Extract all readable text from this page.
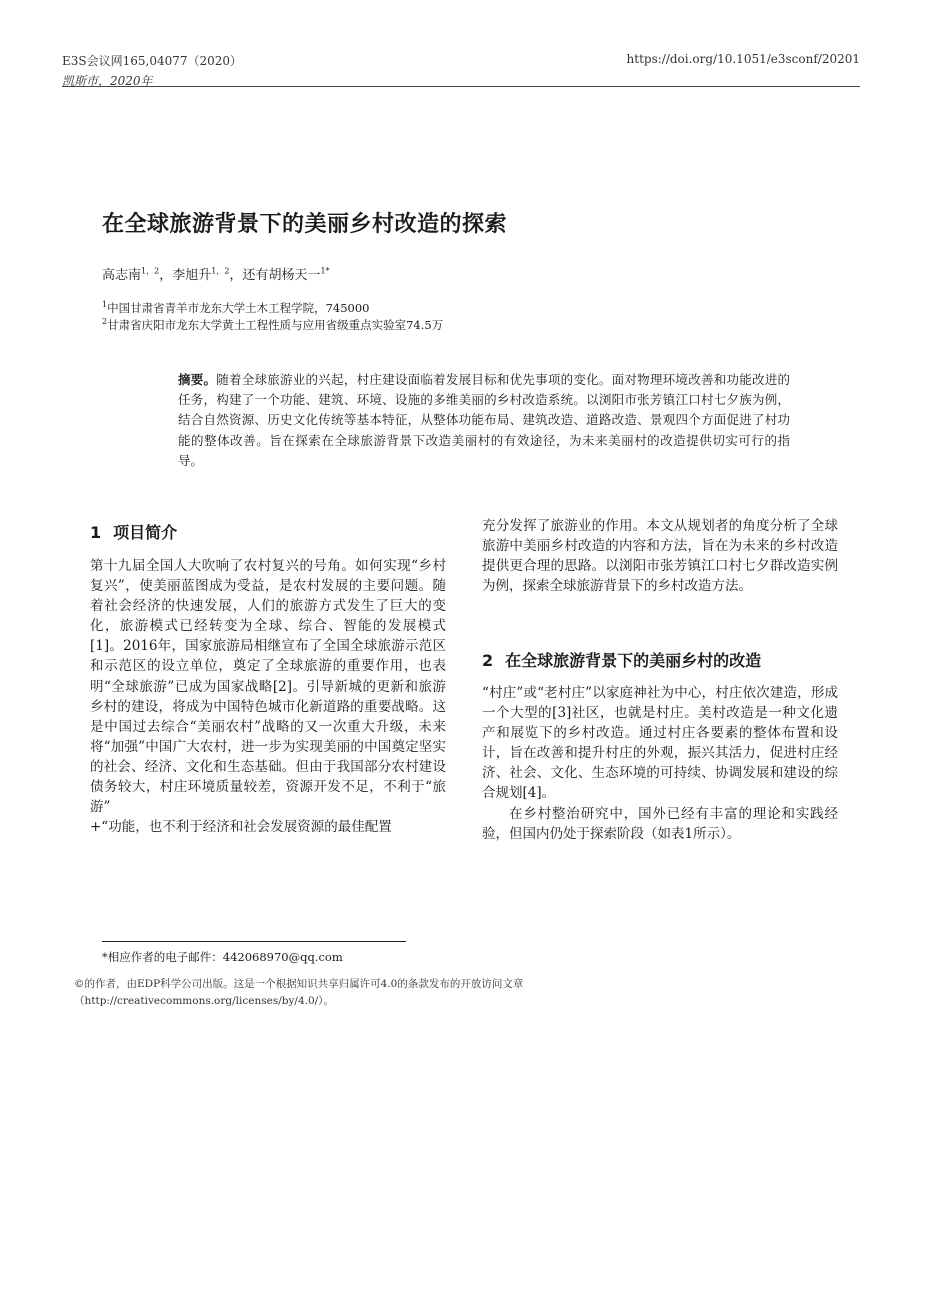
E3S会议网165,04077（2020）
凯斯市，2020年
https://doi.org/10.1051/e3sconf/20201
在全球旅游背景下的美丽乡村改造的探索
高志南$^{1,2}$，李旭升$^{1,2}$，还有胡杨天一$^{1*}$
$^1$中国甘肃省青羊市龙东大学土木工程学院，745000
$^2$甘肃省庆阳市龙东大学黄土工程性质与应用省级重点实验室74.5万
摘要。随着全球旅游业的兴起，村庄建设面临着发展目标和优先事项的变化。面对物理环境改善和功能改进的任务，构建了一个功能、建筑、环境、设施的多维美丽的乡村改造系统。以浏阳市张芳镇江口村七夕族为例，结合自然资源、历史文化传统等基本特征，从整体功能布局、建筑改造、道路改造、景观四个方面促进了村功能的整体改善。旨在探索在全球旅游背景下改造美丽村的有效途径，为未来美丽村的改造提供切实可行的指导。
1 项目简介

第十九届全国人大吹响了农村复兴的号角。如何实现“乡村复兴”，使美丽蓝图成为受益，是农村发展的主要问题。随着社会经济的快速发展，人们的旅游方式发生了巨大的变化，旅游模式已经转变为全球、综合、智能的发展模式[1]。2016年，国家旅游局相继宣布了全国全球旅游示范区和示范区的设立单位，奠定了全球旅游的重要作用，也表明“全球旅游”已成为国家战略[2]。引导新城的更新和旅游乡村的建设，将成为中国特色城市化新道路的重要战略。这是中国过去综合“美丽农村”战略的又一次重大升级，未来将“加强”中国广大农村，进一步为实现美丽的中国奠定坚实的社会、经济、文化和生态基础。但由于我国部分农村建设债务较大，村庄环境质量较差，资源开发不足，不利于“旅游”

+“功能，也不利于经济和社会发展资源的最佳配置

充分发挥了旅游业的作用。本文从规划者的角度分析了全球旅游中美丽乡村改造的内容和方法，旨在为未来的乡村改造提供更合理的思路。以浏阳市张芳镇江口村七夕群改造实例为例，探索全球旅游背景下的乡村改造方法。

2 在全球旅游背景下的美丽乡村的改造

“村庄”或“老村庄”以家庭神社为中心，村庄依次建造，形成一个大型的[3]社区，也就是村庄。美村改造是一种文化遗产和展览下的乡村改造。通过村庄各要素的整体布置和设计，旨在改善和提升村庄的外观，振兴其活力，促进村庄经济、社会、文化、生态环境的可持续、协调发展和建设的综合规划[4]。

在乡村整治研究中，国外已经有丰富的理论和实践经验，但国内仍处于探索阶段（如表1所示）。

*相应作者的电子邮件：442068970@qq.com
©的作者，由EDP科学公司出版。这是一个根据知识共享归属许可4.0的条款发布的开放访问文章
（http://creativecommons.org/licenses/by/4.0/）。
